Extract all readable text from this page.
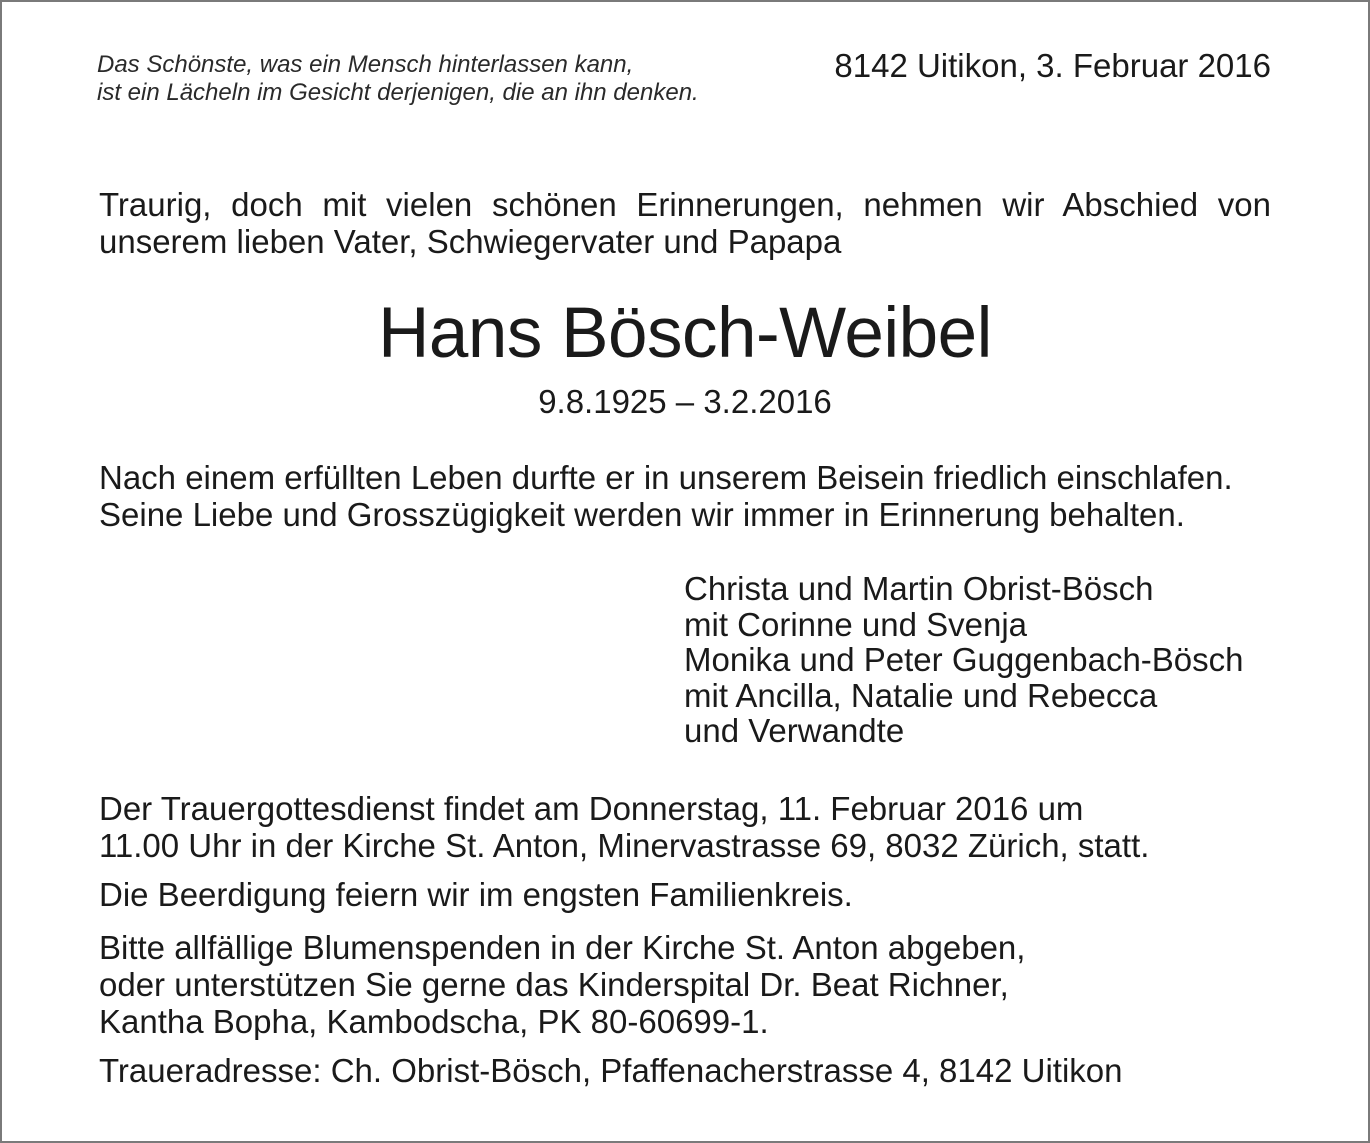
Das Schönste, was ein Mensch hinterlassen kann,
ist ein Lächeln im Gesicht derjenigen, die an ihn denken.
8142 Uitikon, 3. Februar 2016
Traurig, doch mit vielen schönen Erinnerungen, nehmen wir Abschied von unserem lieben Vater, Schwiegervater und Papapa
Hans Bösch-Weibel
9.8.1925 – 3.2.2016
Nach einem erfüllten Leben durfte er in unserem Beisein friedlich einschlafen.
Seine Liebe und Grosszügigkeit werden wir immer in Erinnerung behalten.
Christa und Martin Obrist-Bösch
mit Corinne und Svenja
Monika und Peter Guggenbach-Bösch
mit Ancilla, Natalie und Rebecca
und Verwandte
Der Trauergottesdienst findet am Donnerstag, 11. Februar 2016 um
11.00 Uhr in der Kirche St. Anton, Minervastrasse 69, 8032 Zürich, statt.
Die Beerdigung feiern wir im engsten Familienkreis.
Bitte allfällige Blumenspenden in der Kirche St. Anton abgeben,
oder unterstützen Sie gerne das Kinderspital Dr. Beat Richner,
Kantha Bopha, Kambodscha, PK 80-60699-1.
Traueradresse: Ch. Obrist-Bösch, Pfaffenacherstrasse 4, 8142 Uitikon
